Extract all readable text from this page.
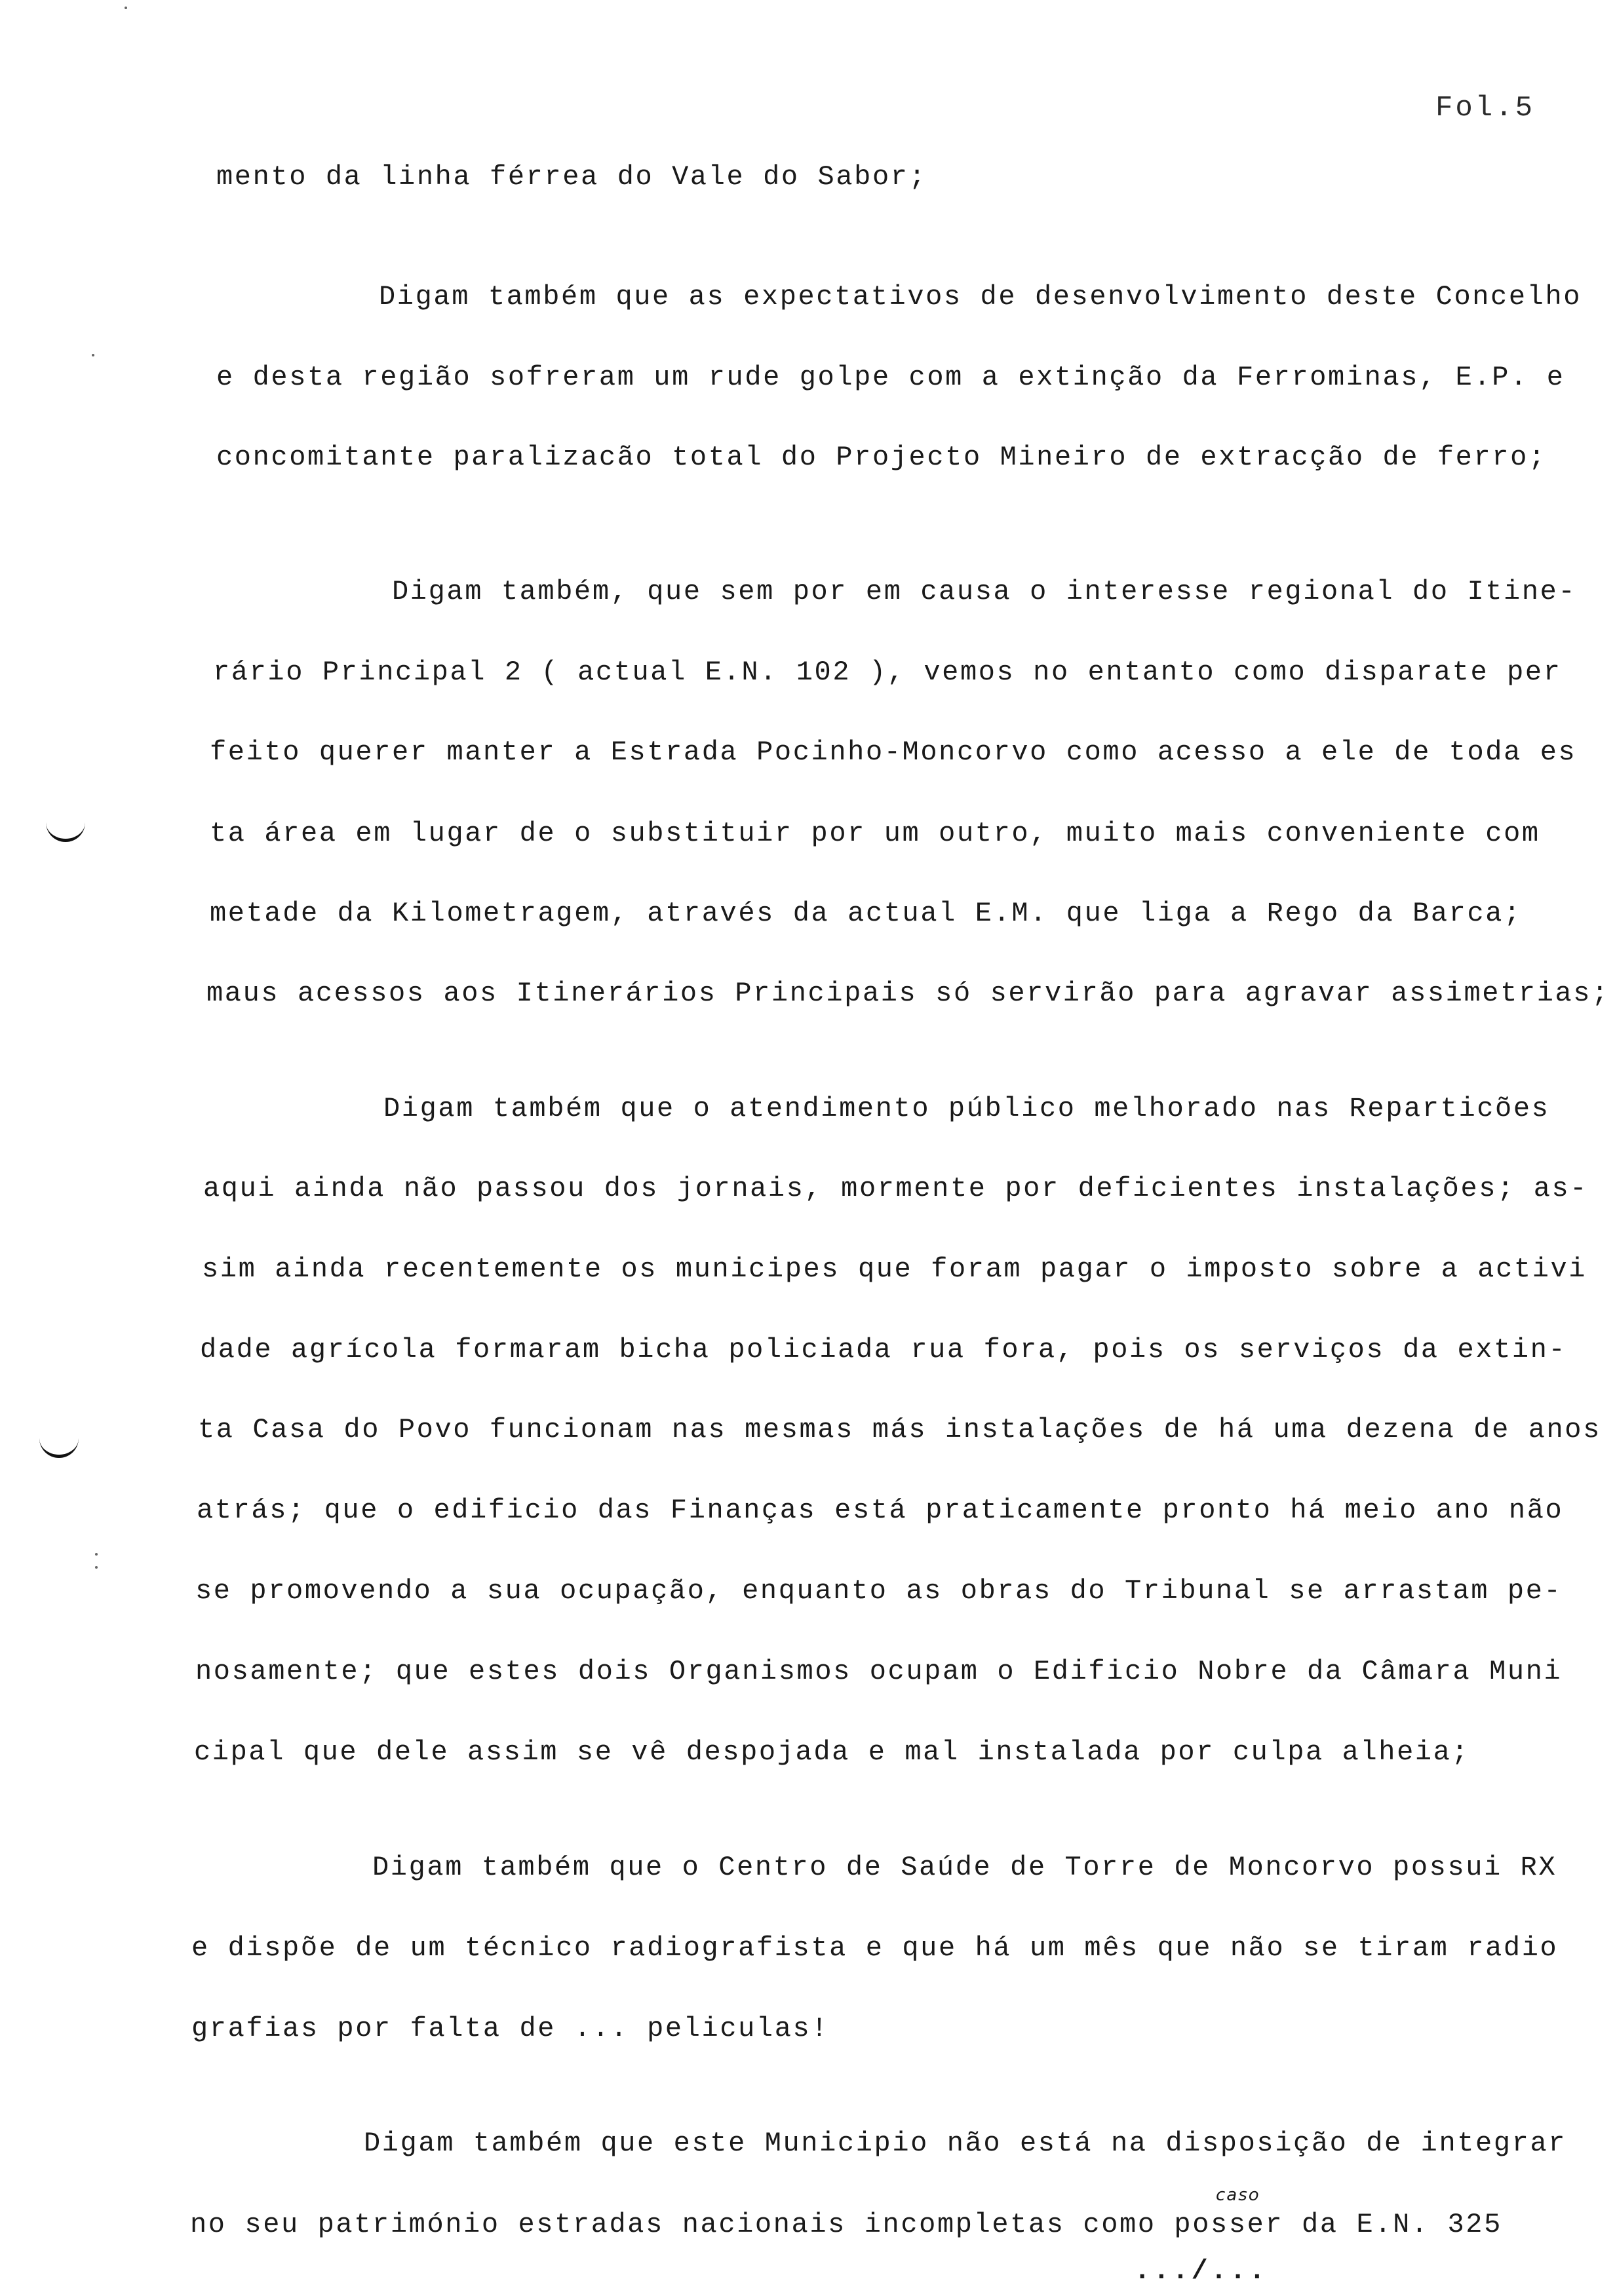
Fol.5
mento da linha férrea do Vale do Sabor;
Digam também que as expectativos de desenvolvimento deste Concelho
e desta região sofreram um rude golpe com a extinção da Ferrominas, E.P. e
concomitante paralizacão total do Projecto Mineiro de extracção de ferro;
Digam também, que sem por em causa o interesse regional do Itine-
rário Principal 2 ( actual E.N. 102 ), vemos no entanto como disparate per
feito querer manter a Estrada Pocinho-Moncorvo como acesso a ele de toda es
ta área em lugar de o substituir por um outro, muito mais conveniente com
metade da Kilometragem, através da actual E.M. que liga a Rego da Barca;
maus acessos aos Itinerários Principais só servirão para agravar assimetrias;
Digam também que o atendimento público melhorado nas Reparticões
aqui ainda não passou dos jornais, mormente por deficientes instalações; as-
sim ainda recentemente os municipes que foram pagar o imposto sobre a activi
dade agrícola formaram bicha policiada rua fora, pois os serviços da extin-
ta Casa do Povo funcionam nas mesmas más instalações de há uma dezena de anos
atrás; que o edificio das Finanças está praticamente pronto há meio ano não
se promovendo a sua ocupação, enquanto as obras do Tribunal se arrastam pe-
nosamente; que estes dois Organismos ocupam o Edificio Nobre da Câmara Muni
cipal que dele assim se vê despojada e mal instalada por culpa alheia;
Digam também que o Centro de Saúde de Torre de Moncorvo possui RX
e dispõe de um técnico radiografista e que há um mês que não se tiram radio
grafias por falta de ... peliculas!
Digam também que este Municipio não está na disposição de integrar
no seu património estradas nacionais incompletas como posser da E.N. 325
caso
.../...
